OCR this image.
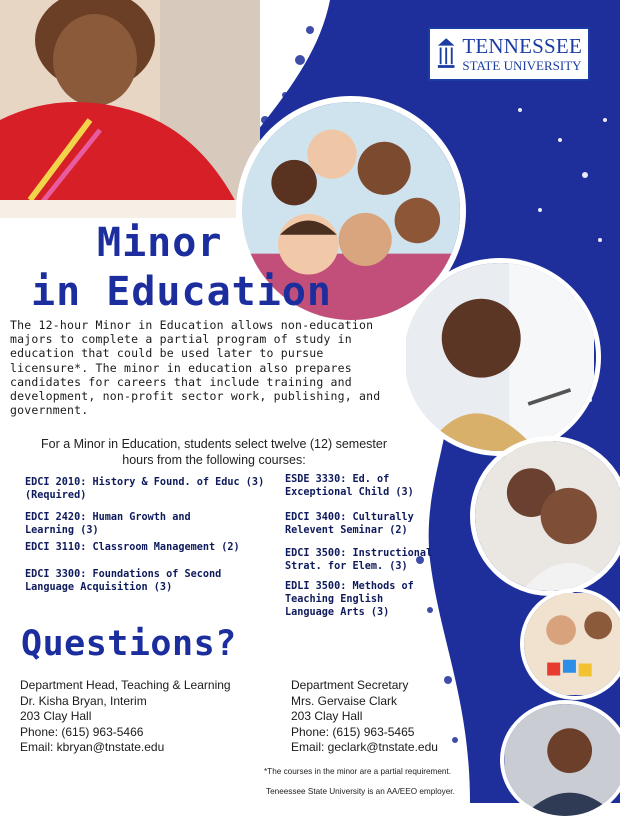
TENNESSEE
STATE UNIVERSITY
Minor
in Education
The 12-hour Minor in Education allows non-education majors to complete a partial program of study in education that could be used later to pursue licensure*. The minor in education also prepares candidates for careers that include training and development, non-profit sector work, publishing, and government.
For a Minor in Education, students select twelve (12) semester hours from the following courses:
EDCI 2010: History & Found. of Educ (3) (Required)
EDCI 2420: Human Growth and Learning (3)
EDCI 3110: Classroom Management (2)
EDCI 3300: Foundations of Second Language Acquisition (3)
ESDE 3330: Ed. of Exceptional Child (3)
EDCI 3400: Culturally Relevent Seminar (2)
EDCI 3500: Instructional Strat. for Elem. (3)
EDLI 3500: Methods of Teaching English Language Arts (3)
Questions?
Department Head, Teaching & Learning
Dr. Kisha Bryan, Interim
203 Clay Hall
Phone: (615) 963-5466
Email: kbryan@tnstate.edu
Department Secretary
Mrs. Gervaise Clark
203 Clay Hall
Phone: (615) 963-5465
Email: geclark@tnstate.edu
*The courses in the minor are a partial requirement.
Teneessee State University is an AA/EEO employer.
